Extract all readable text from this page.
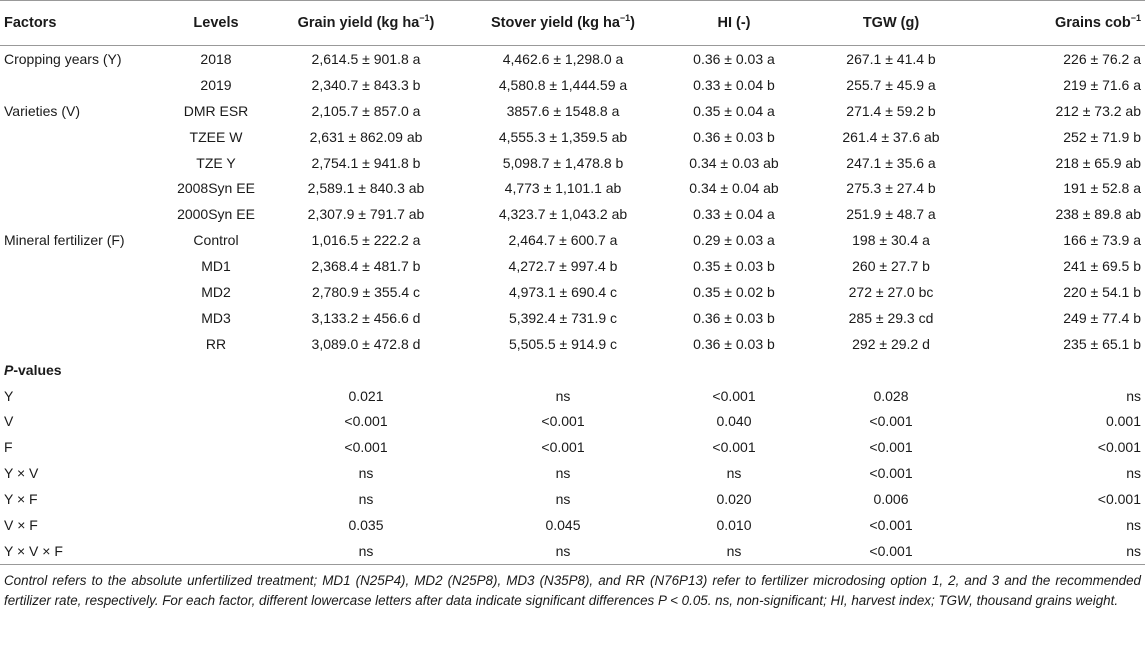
Factors	Levels	Grain yield (kg $ha^{-1}$)	Stover yield (kg $ha^{-1}$)	HI (-)	TGW (g)	Grains cob$^{-1}$
Cropping years (Y)	2018	2,614.5 ± 901.8 a	4,462.6 ± 1,298.0 a	0.36 ± 0.03 a	267.1 ± 41.4 b	226 ± 76.2 a
	2019	2,340.7 ± 843.3 b	4,580.8 ± 1,444.59 a	0.33 ± 0.04 b	255.7 ± 45.9 a	219 ± 71.6 a
Varieties (V)	DMR ESR	2,105.7 ± 857.0 a	3857.6 ± 1548.8 a	0.35 ± 0.04 a	271.4 ± 59.2 b	212 ± 73.2 ab
	TZEE W	2,631 ± 862.09 ab	4,555.3 ± 1,359.5 ab	0.36 ± 0.03 b	261.4 ± 37.6 ab	252 ± 71.9 b
	TZE Y	2,754.1 ± 941.8 b	5,098.7 ± 1,478.8 b	0.34 ± 0.03 ab	247.1 ± 35.6 a	218 ± 65.9 ab
	2008Syn EE	2,589.1 ± 840.3 ab	4,773 ± 1,101.1 ab	0.34 ± 0.04 ab	275.3 ± 27.4 b	191 ± 52.8 a
	2000Syn EE	2,307.9 ± 791.7 ab	4,323.7 ± 1,043.2 ab	0.33 ± 0.04 a	251.9 ± 48.7 a	238 ± 89.8 ab
Mineral fertilizer (F)	Control	1,016.5 ± 222.2 a	2,464.7 ± 600.7 a	0.29 ± 0.03 a	198 ± 30.4 a	166 ± 73.9 a
	MD1	2,368.4 ± 481.7 b	4,272.7 ± 997.4 b	0.35 ± 0.03 b	260 ± 27.7 b	241 ± 69.5 b
	MD2	2,780.9 ± 355.4 c	4,973.1 ± 690.4 c	0.35 ± 0.02 b	272 ± 27.0 bc	220 ± 54.1 b
	MD3	3,133.2 ± 456.6 d	5,392.4 ± 731.9 c	0.36 ± 0.03 b	285 ± 29.3 cd	249 ± 77.4 b
	RR	3,089.0 ± 472.8 d	5,505.5 ± 914.9 c	0.36 ± 0.03 b	292 ± 29.2 d	235 ± 65.1 b
P-values						
Y		0.021	ns	<0.001	0.028	ns
V		<0.001	<0.001	0.040	<0.001	0.001
F		<0.001	<0.001	<0.001	<0.001	<0.001
Y × V		ns	ns	ns	<0.001	ns
Y × F		ns	ns	0.020	0.006	<0.001
V × F		0.035	0.045	0.010	<0.001	ns
Y × V × F		ns	ns	ns	<0.001	ns
Control refers to the absolute unfertilized treatment; MD1 (N25P4), MD2 (N25P8), MD3 (N35P8), and RR (N76P13) refer to fertilizer microdosing option 1, 2, and 3 and the recommended fertilizer rate, respectively. For each factor, different lowercase letters after data indicate significant differences P < 0.05. ns, non-significant; HI, harvest index; TGW, thousand grains weight.
